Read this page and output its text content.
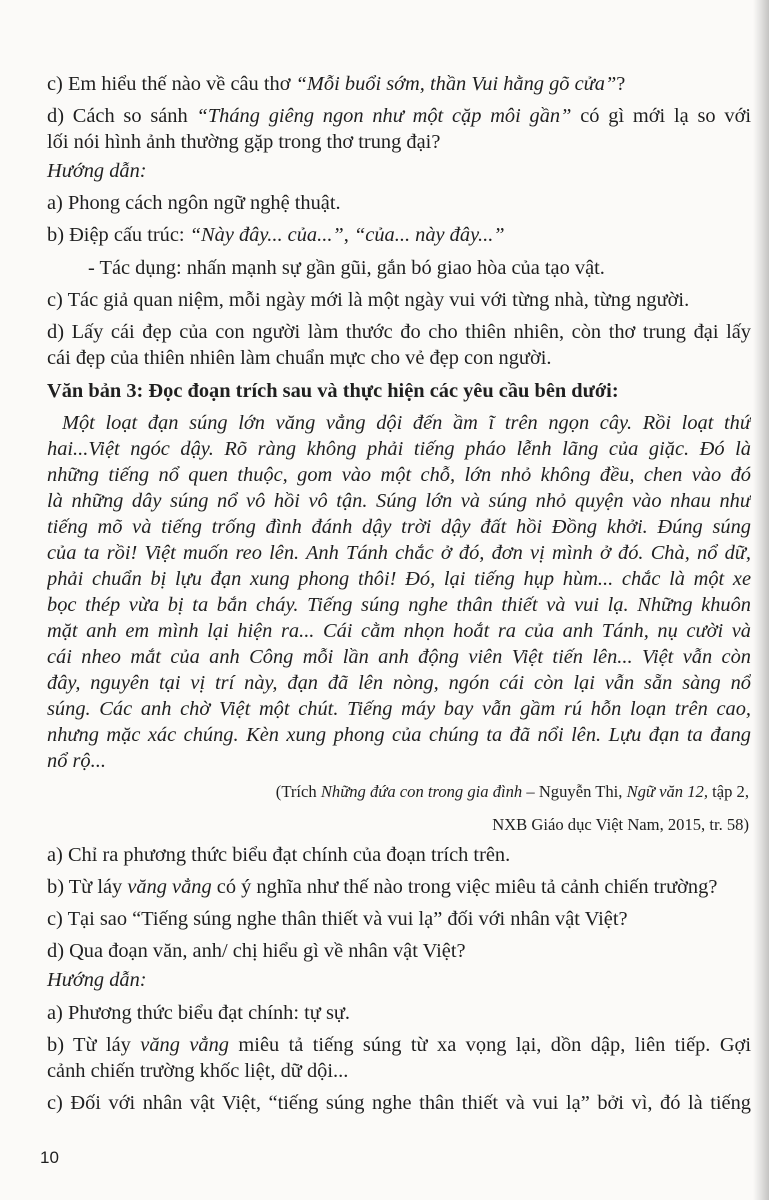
c) Em hiểu thế nào về câu thơ “Mỗi buổi sớm, thần Vui hằng gõ cửa”?
d) Cách so sánh “Tháng giêng ngon như một cặp môi gần” có gì mới lạ so với
lối nói hình ảnh thường gặp trong thơ trung đại?
Hướng dẫn:
a) Phong cách ngôn ngữ nghệ thuật.
b) Điệp cấu trúc: “Này đây... của...”, “của... này đây...”
- Tác dụng: nhấn mạnh sự gần gũi, gắn bó giao hòa của tạo vật.
c) Tác giả quan niệm, mỗi ngày mới là một ngày vui với từng nhà, từng người.
d) Lấy cái đẹp của con người làm thước đo cho thiên nhiên, còn thơ trung đại lấy
cái đẹp của thiên nhiên làm chuẩn mực cho vẻ đẹp con người.
Văn bản 3: Đọc đoạn trích sau và thực hiện các yêu cầu bên dưới:
Một loạt đạn súng lớn văng vẳng dội đến ầm ĩ trên ngọn cây. Rồi loạt thứ
hai...Việt ngóc dậy. Rõ ràng không phải tiếng pháo lễnh lãng của giặc. Đó là
những tiếng nổ quen thuộc, gom vào một chỗ, lớn nhỏ không đều, chen vào đó
là những dây súng nổ vô hồi vô tận. Súng lớn và súng nhỏ quyện vào nhau như
tiếng mõ và tiếng trống đình đánh dậy trời dậy đất hồi Đồng khởi. Đúng súng
của ta rồi! Việt muốn reo lên. Anh Tánh chắc ở đó, đơn vị mình ở đó. Chà, nổ dữ,
phải chuẩn bị lựu đạn xung phong thôi! Đó, lại tiếng hụp hùm... chắc là một xe
bọc thép vừa bị ta bắn cháy. Tiếng súng nghe thân thiết và vui lạ. Những khuôn
mặt anh em mình lại hiện ra... Cái cằm nhọn hoắt ra của anh Tánh, nụ cười và
cái nheo mắt của anh Công mỗi lần anh động viên Việt tiến lên... Việt vẫn còn
đây, nguyên tại vị trí này, đạn đã lên nòng, ngón cái còn lại vẫn sẵn sàng nổ
súng. Các anh chờ Việt một chút. Tiếng máy bay vẫn gầm rú hỗn loạn trên cao,
nhưng mặc xác chúng. Kèn xung phong của chúng ta đã nổi lên. Lựu đạn ta đang
nổ rộ...
(Trích Những đứa con trong gia đình – Nguyễn Thi, Ngữ văn 12, tập 2,
NXB Giáo dục Việt Nam, 2015, tr. 58)
a) Chỉ ra phương thức biểu đạt chính của đoạn trích trên.
b) Từ láy văng vẳng có ý nghĩa như thế nào trong việc miêu tả cảnh chiến trường?
c) Tại sao “Tiếng súng nghe thân thiết và vui lạ” đối với nhân vật Việt?
d) Qua đoạn văn, anh/ chị hiểu gì về nhân vật Việt?
Hướng dẫn:
a) Phương thức biểu đạt chính: tự sự.
b) Từ láy văng vẳng miêu tả tiếng súng từ xa vọng lại, dồn dập, liên tiếp. Gợi
cảnh chiến trường khốc liệt, dữ dội...
c) Đối với nhân vật Việt, “tiếng súng nghe thân thiết và vui lạ” bởi vì, đó là tiếng
10
